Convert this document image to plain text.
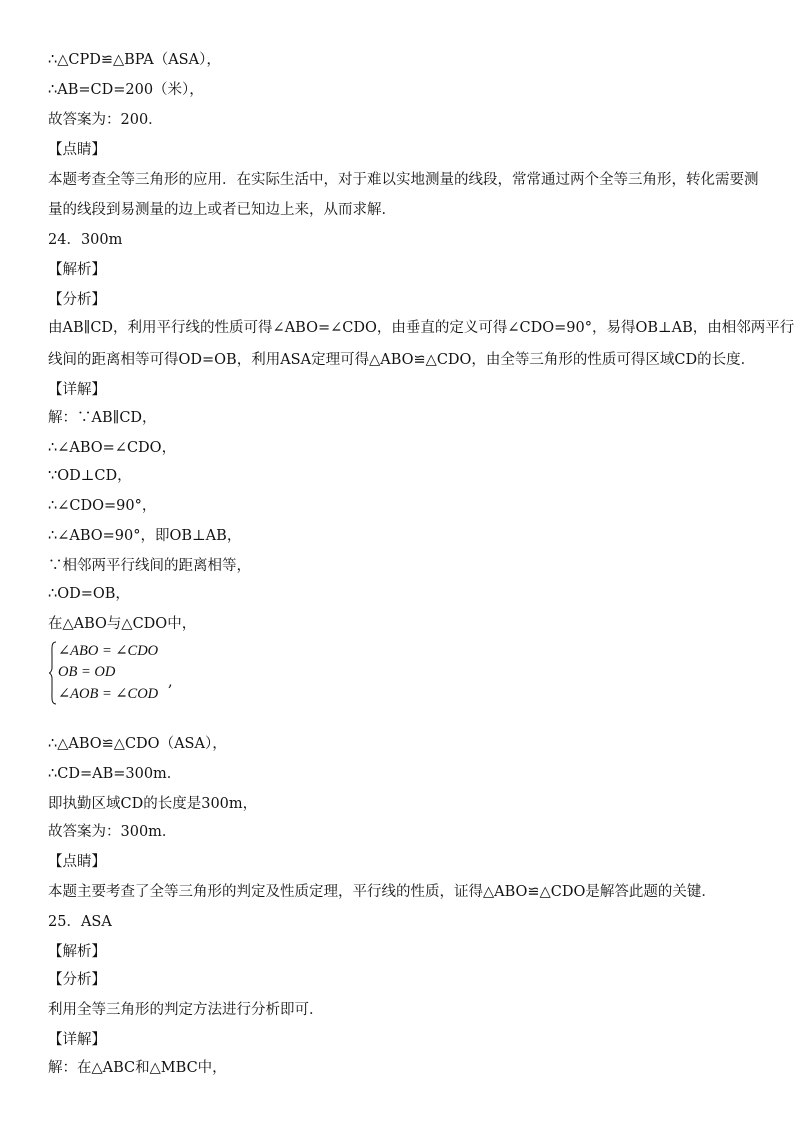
∴△CPD≌△BPA（ASA），
∴AB=CD=200（米），
故答案为：200．
【点睛】
本题考查全等三角形的应用．在实际生活中，对于难以实地测量的线段，常常通过两个全等三角形，转化需要测
量的线段到易测量的边上或者已知边上来，从而求解．
24．300m
【解析】
【分析】
由AB∥CD，利用平行线的性质可得∠ABO=∠CDO，由垂直的定义可得∠CDO=90°，易得OB⊥AB，由相邻两平行
线间的距离相等可得OD=OB，利用ASA定理可得△ABO≌△CDO，由全等三角形的性质可得区域CD的长度．
【详解】
解：∵AB∥CD，
∴∠ABO=∠CDO，
∵OD⊥CD，
∴∠CDO=90°，
∴∠ABO=90°，即OB⊥AB，
∵相邻两平行线间的距离相等，
∴OD=OB，
在△ABO与△CDO中，
∠ABO = ∠CDO
OB = OD
∠AOB = ∠COD
,
∴△ABO≌△CDO（ASA），
∴CD=AB=300m．
即执勤区域CD的长度是300m，
故答案为：300m．
【点睛】
本题主要考查了全等三角形的判定及性质定理，平行线的性质，证得△ABO≌△CDO是解答此题的关键．
25．ASA
【解析】
【分析】
利用全等三角形的判定方法进行分析即可．
【详解】
解：在△ABC和△MBC中，
